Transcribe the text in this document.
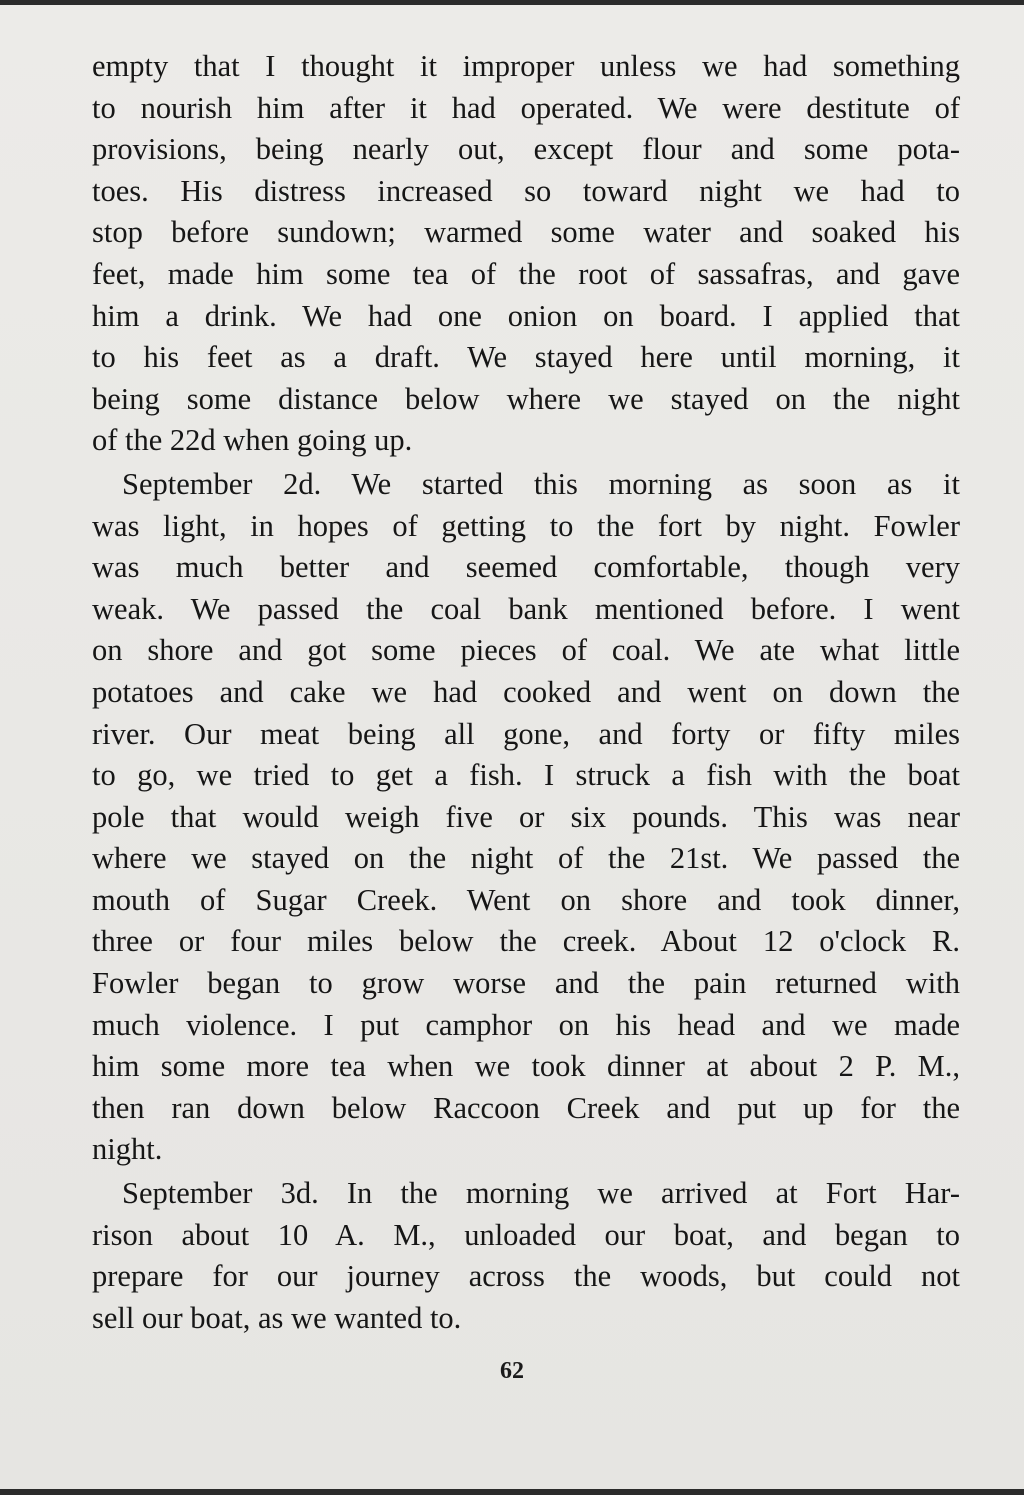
empty that I thought it improper unless we had something
to nourish him after it had operated. We were destitute of
provisions, being nearly out, except flour and some pota-
toes. His distress increased so toward night we had to
stop before sundown; warmed some water and soaked his
feet, made him some tea of the root of sassafras, and gave
him a drink. We had one onion on board. I applied that
to his feet as a draft. We stayed here until morning, it
being some distance below where we stayed on the night
of the 22d when going up.

September 2d. We started this morning as soon as it
was light, in hopes of getting to the fort by night. Fowler
was much better and seemed comfortable, though very
weak. We passed the coal bank mentioned before. I went
on shore and got some pieces of coal. We ate what little
potatoes and cake we had cooked and went on down the
river. Our meat being all gone, and forty or fifty miles
to go, we tried to get a fish. I struck a fish with the boat
pole that would weigh five or six pounds. This was near
where we stayed on the night of the 21st. We passed the
mouth of Sugar Creek. Went on shore and took dinner,
three or four miles below the creek. About 12 o'clock R.
Fowler began to grow worse and the pain returned with
much violence. I put camphor on his head and we made
him some more tea when we took dinner at about 2 P. M.,
then ran down below Raccoon Creek and put up for the
night.

September 3d. In the morning we arrived at Fort Har-
rison about 10 A. M., unloaded our boat, and began to
prepare for our journey across the woods, but could not
sell our boat, as we wanted to.

62
